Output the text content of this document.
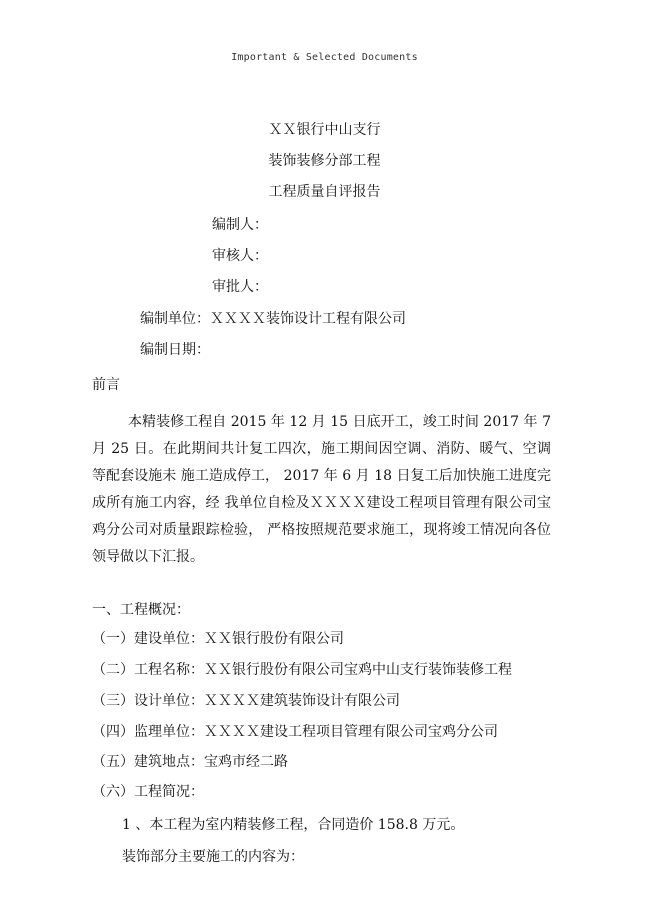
Important & Selected Documents
ＸＸ银行中山支行
装饰装修分部工程
工程质量自评报告
编制人：
审核人：
审批人：
编制单位：ＸＸＸＸ装饰设计工程有限公司
编制日期：
前言
本精装修工程自 2015 年 12 月 15 日底开工，竣工时间 2017 年 7 月 25 日。在此期间共计复工四次，施工期间因空调、消防、暖气、空调等配套设施未 施工造成停工， 2017 年 6 月 18 日复工后加快施工进度完成所有施工内容，经 我单位自检及ＸＸＸＸ建设工程项目管理有限公司宝鸡分公司对质量跟踪检验， 严格按照规范要求施工，现将竣工情况向各位领导做以下汇报。
一、工程概况：
（一）建设单位：ＸＸ银行股份有限公司
（二）工程名称：ＸＸ银行股份有限公司宝鸡中山支行装饰装修工程
（三）设计单位：ＸＸＸＸ建筑装饰设计有限公司
（四）监理单位：ＸＸＸＸ建设工程项目管理有限公司宝鸡分公司
（五）建筑地点：宝鸡市经二路
（六）工程简况：
1 、本工程为室内精装修工程，合同造价 158.8 万元。
装饰部分主要施工的内容为：
